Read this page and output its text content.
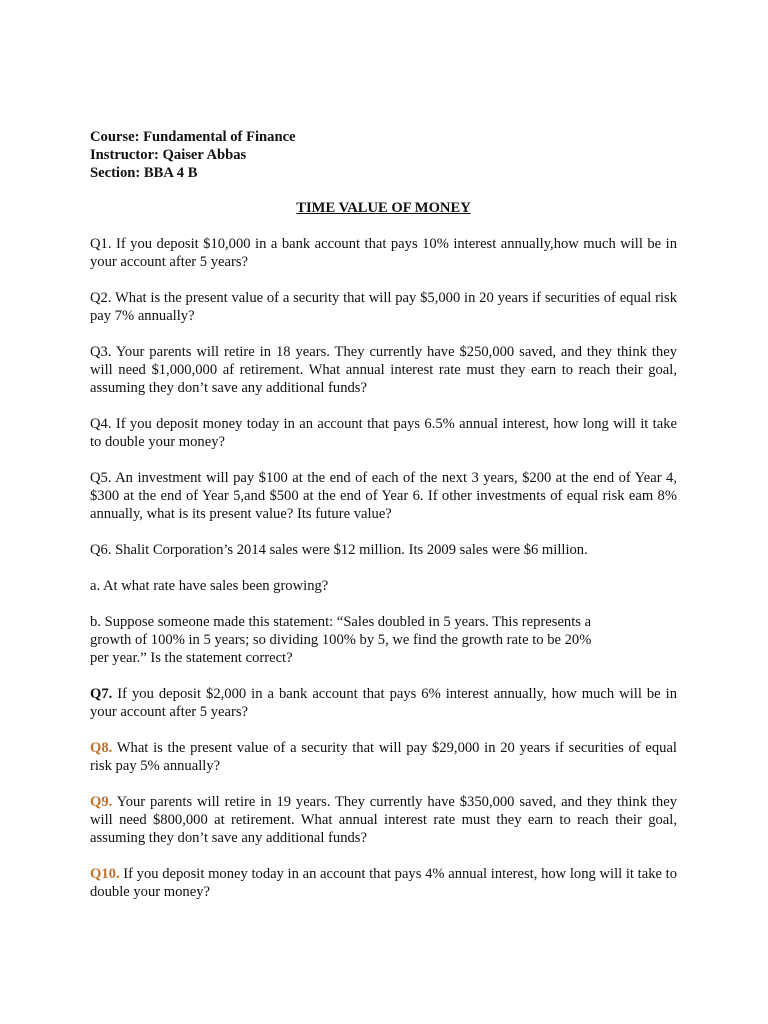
Course: Fundamental of Finance

Instructor: Qaiser Abbas

Section: BBA 4 B

TIME VALUE OF MONEY

Q1. If you deposit $10,000 in a bank account that pays 10% interest annually,how much will be in your account after 5 years?

Q2. What is the present value of a security that will pay $5,000 in 20 years if securities of equal risk pay 7% annually?

Q3. Your parents will retire in 18 years. They currently have $250,000 saved, and they think they will need $1,000,000 af retirement. What annual interest rate must they earn to reach their goal, assuming they don’t save any additional funds?

Q4. If you deposit money today in an account that pays 6.5% annual interest, how long will it take to double your money?

Q5. An investment will pay $100 at the end of each of the next 3 years, $200 at the end of Year 4, $300 at the end of Year 5,and $500 at the end of Year 6. If other investments of equal risk eam 8% annually, what is its present value? Its future value?

Q6. Shalit Corporation’s 2014 sales were $12 million. Its 2009 sales were $6 million.

a. At what rate have sales been growing?

b. Suppose someone made this statement: “Sales doubled in 5 years. This represents a growth of 100% in 5 years; so dividing 100% by 5, we find the growth rate to be 20% per year.” Is the statement correct?

Q7. If you deposit $2,000 in a bank account that pays 6% interest annually, how much will be in your account after 5 years?

Q8. What is the present value of a security that will pay $29,000 in 20 years if securities of equal risk pay 5% annually?

Q9. Your parents will retire in 19 years. They currently have $350,000 saved, and they think they will need $800,000 at retirement. What annual interest rate must they earn to reach their goal, assuming they don’t save any additional funds?

Q10. If you deposit money today in an account that pays 4% annual interest, how long will it take to double your money?
